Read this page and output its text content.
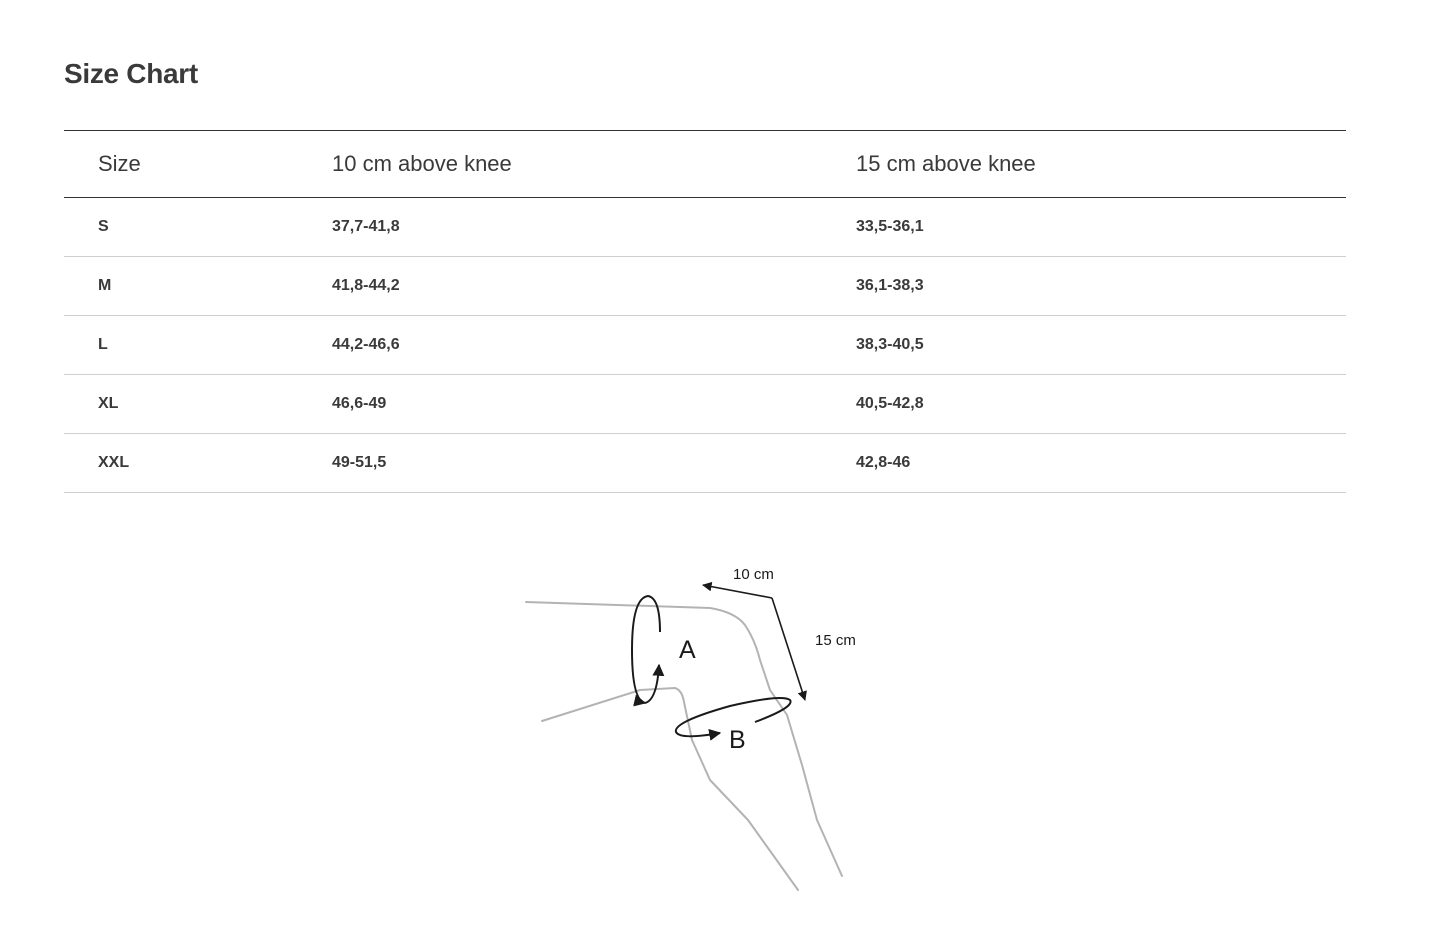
Size Chart
Size	10 cm above knee	15 cm above knee
S	37,7-41,8	33,5-36,1
M	41,8-44,2	36,1-38,3
L	44,2-46,6	38,3-40,5
XL	46,6-49	40,5-42,8
XXL	49-51,5	42,8-46
A
B
10 cm
15 cm
